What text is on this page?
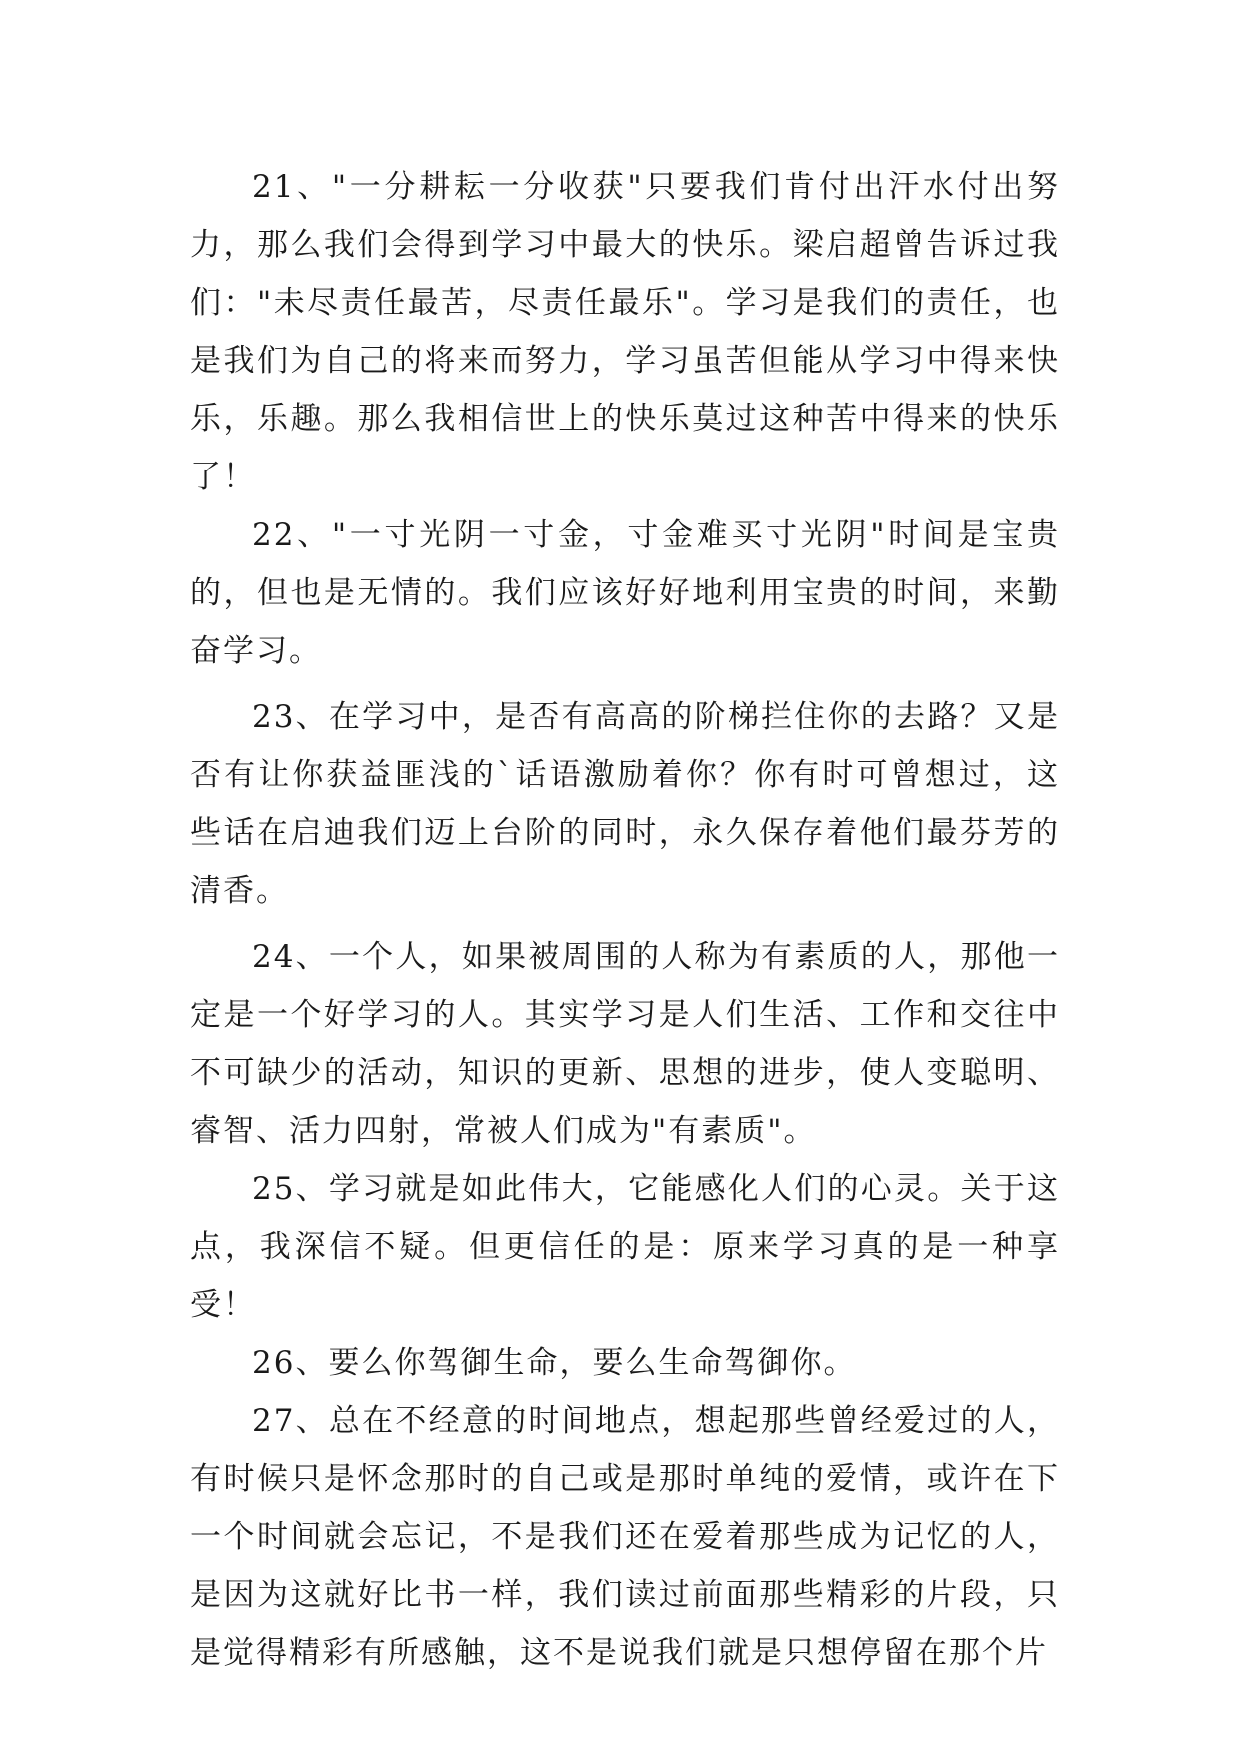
21、"一分耕耘一分收获"只要我们肯付出汗水付出努力，那么我们会得到学习中最大的快乐。梁启超曾告诉过我们："未尽责任最苦，尽责任最乐"。学习是我们的责任，也是我们为自己的将来而努力，学习虽苦但能从学习中得来快乐，乐趣。那么我相信世上的快乐莫过这种苦中得来的快乐了！

22、"一寸光阴一寸金，寸金难买寸光阴"时间是宝贵的，但也是无情的。我们应该好好地利用宝贵的时间，来勤奋学习。

23、在学习中，是否有高高的阶梯拦住你的去路？又是否有让你获益匪浅的`话语激励着你？你有时可曾想过，这些话在启迪我们迈上台阶的同时，永久保存着他们最芬芳的清香。

24、一个人，如果被周围的人称为有素质的人，那他一定是一个好学习的人。其实学习是人们生活、工作和交往中不可缺少的活动，知识的更新、思想的进步，使人变聪明、睿智、活力四射，常被人们成为"有素质"。

25、学习就是如此伟大，它能感化人们的心灵。关于这点，我深信不疑。但更信任的是：原来学习真的是一种享受！

26、要么你驾御生命，要么生命驾御你。

27、总在不经意的时间地点，想起那些曾经爱过的人，有时候只是怀念那时的自己或是那时单纯的爱情，或许在下一个时间就会忘记，不是我们还在爱着那些成为记忆的人，是因为这就好比书一样，我们读过前面那些精彩的片段，只是觉得精彩有所感触，这不是说我们就是只想停留在那个片
